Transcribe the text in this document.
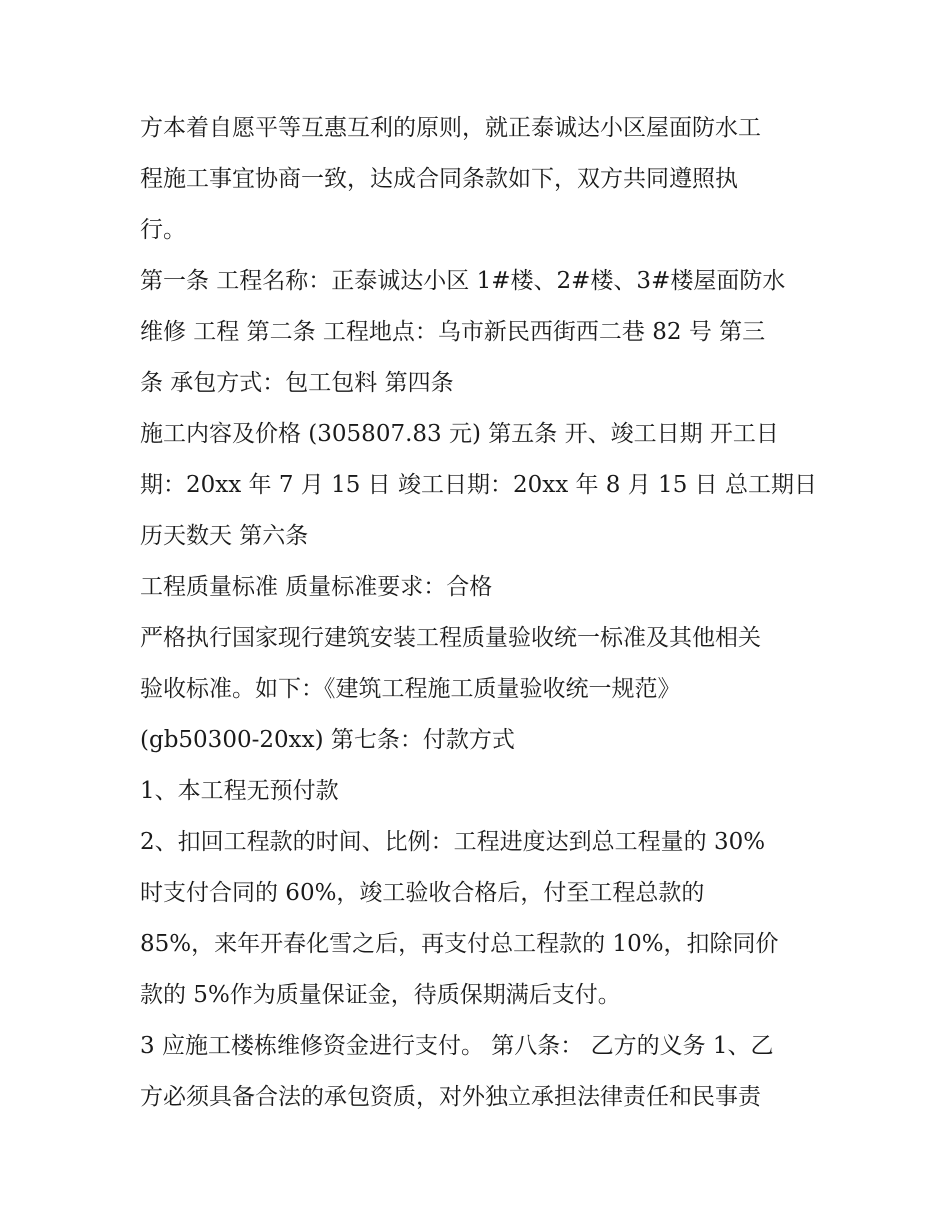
方本着自愿平等互惠互利的原则，就正泰诚达小区屋面防水工
程施工事宜协商一致，达成合同条款如下，双方共同遵照执
行。
第一条 工程名称：正泰诚达小区 1#楼、2#楼、3#楼屋面防水
维修 工程 第二条 工程地点：乌市新民西街西二巷 82 号 第三
条 承包方式：包工包料 第四条
施工内容及价格 (305807.83 元) 第五条 开、竣工日期 开工日
期：20xx 年 7 月 15 日 竣工日期：20xx 年 8 月 15 日 总工期日
历天数天 第六条
工程质量标准 质量标准要求：合格
严格执行国家现行建筑安装工程质量验收统一标准及其他相关
验收标准。如下：《建筑工程施工质量验收统一规范》
(gb50300-20xx) 第七条：付款方式
1、本工程无预付款
2、扣回工程款的时间、比例：工程进度达到总工程量的 30%
时支付合同的 60%，竣工验收合格后，付至工程总款的
85%，来年开春化雪之后，再支付总工程款的 10%，扣除同价
款的 5%作为质量保证金，待质保期满后支付。
3 应施工楼栋维修资金进行支付。 第八条： 乙方的义务 1、乙
方必须具备合法的承包资质，对外独立承担法律责任和民事责
